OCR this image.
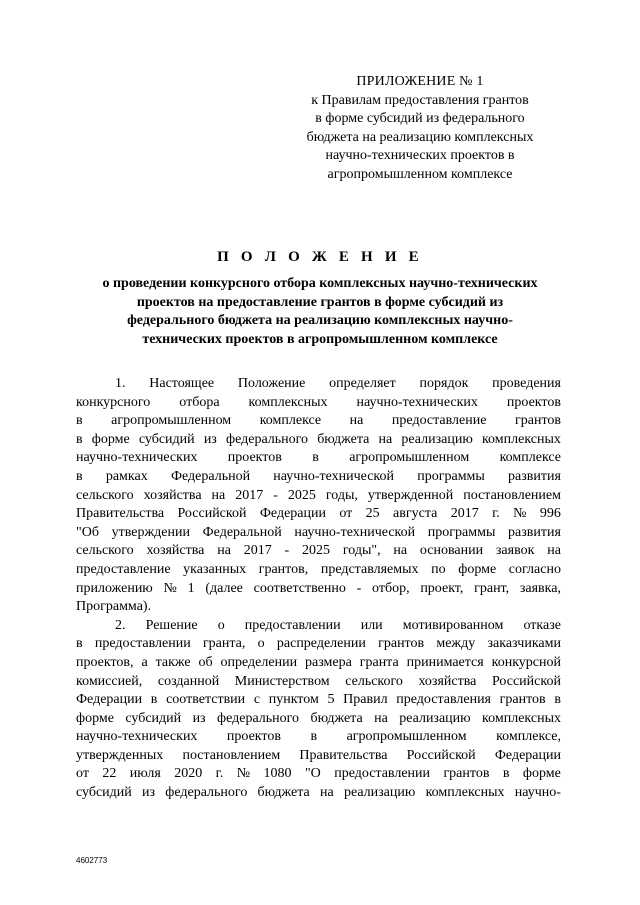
ПРИЛОЖЕНИЕ № 1
к Правилам предоставления грантов
в форме субсидий из федерального
бюджета на реализацию комплексных
научно-технических проектов в
агропромышленном комплексе
П О Л О Ж Е Н И Е
о проведении конкурсного отбора комплексных научно-технических
проектов на предоставление грантов в форме субсидий из
федерального бюджета на реализацию комплексных научно-
технических проектов в агропромышленном комплексе
1. Настоящее Положение определяет порядок проведения
конкурсного отбора комплексных научно-технических проектов
в агропромышленном комплексе на предоставление грантов
в форме субсидий из федерального бюджета на реализацию комплексных
научно-технических проектов в агропромышленном комплексе
в рамках Федеральной научно-технической программы развития
сельского хозяйства на 2017 - 2025 годы, утвержденной постановлением
Правительства Российской Федерации от 25 августа 2017 г. № 996
"Об утверждении Федеральной научно-технической программы развития
сельского хозяйства на 2017 - 2025 годы", на основании заявок на
предоставление указанных грантов, представляемых по форме согласно
приложению № 1 (далее соответственно - отбор, проект, грант, заявка,
Программа).
2. Решение о предоставлении или мотивированном отказе
в предоставлении гранта, о распределении грантов между заказчиками
проектов, а также об определении размера гранта принимается конкурсной
комиссией, созданной Министерством сельского хозяйства Российской
Федерации в соответствии с пунктом 5 Правил предоставления грантов в
форме субсидий из федерального бюджета на реализацию комплексных
научно-технических проектов в агропромышленном комплексе,
утвержденных постановлением Правительства Российской Федерации
от 22 июля 2020 г. № 1080 "О предоставлении грантов в форме
субсидий из федерального бюджета на реализацию комплексных научно-
4602773
